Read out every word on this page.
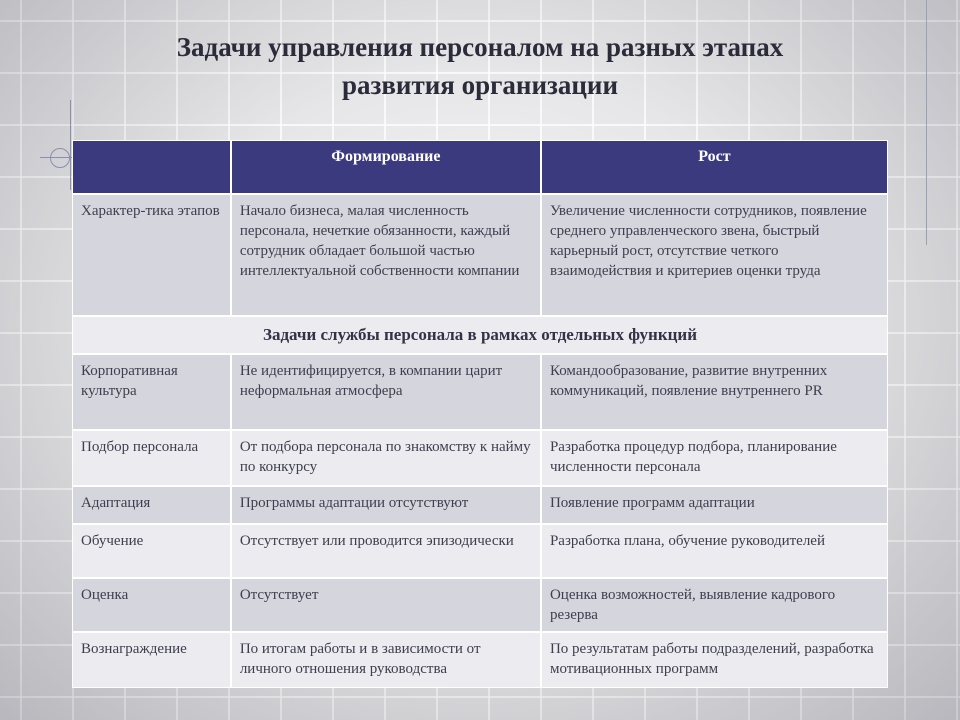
Задачи управления персоналом на разных этапах
развития организации
	Формирование	Рост
Характер-тика этапов	Начало бизнеса, малая численность персонала, нечеткие обязанности, каждый сотрудник обладает большой частью интеллектуальной собственности компании	Увеличение численности сотрудников, появление среднего управленческого звена, быстрый карьерный рост, отсутствие четкого взаимодействия и критериев оценки труда
Задачи службы персонала в рамках отдельных функций		
Корпоративная культура	Не идентифицируется, в компании царит неформальная атмосфера	Командообразование, развитие внутренних коммуникаций, появление внутреннего PR
Подбор персонала	От подбора персонала по знакомству к найму по конкурсу	Разработка процедур подбора, планирование численности персонала
Адаптация	Программы адаптации отсутствуют	Появление программ адаптации
Обучение	Отсутствует или проводится эпизодически	Разработка плана, обучение руководителей
Оценка	Отсутствует	Оценка возможностей, выявление кадрового резерва
Вознаграждение	По итогам работы и в зависимости от личного отношения руководства	По результатам работы подразделений, разработка мотивационных программ
